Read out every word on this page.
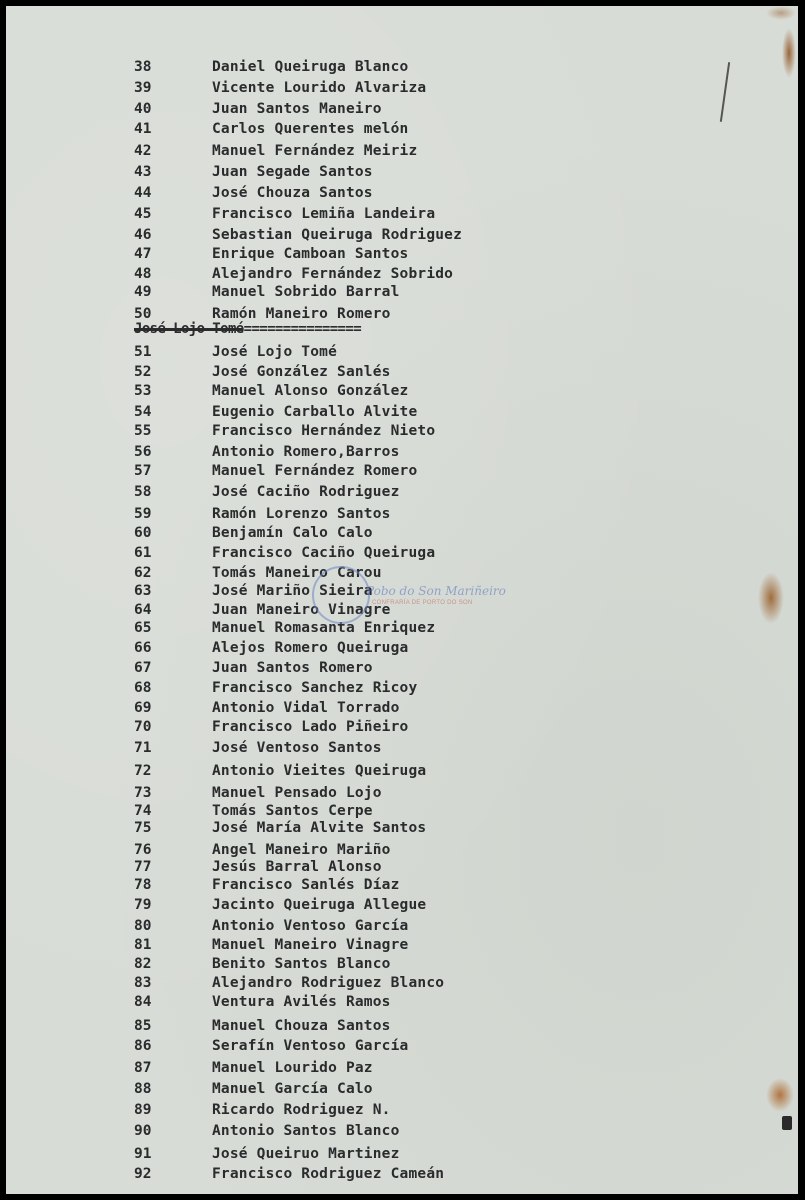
38	Daniel Queiruga Blanco
39	Vicente Lourido Alvariza
40	Juan Santos Maneiro
41	Carlos Querentes melón
42	Manuel Fernández Meiriz
43	Juan Segade Santos
44	José Chouza Santos
45	Francisco Lemiña Landeira
46	Sebastian Queiruga Rodriguez
47	Enrique Camboan Santos
48	Alejandro Fernández Sobrido
49	Manuel Sobrido Barral
50	Ramón Maneiro Romero
51	José Lojo Tomé
52	José González Sanlés
53	Manuel Alonso González
54	Eugenio Carballo Alvite
55	Francisco Hernández Nieto
56	Antonio Romero,Barros
57	Manuel Fernández Romero
58	José Caciño Rodriguez
59	Ramón Lorenzo Santos
60	Benjamín Calo Calo
61	Francisco Caciño Queiruga
62	Tomás Maneiro Carou
63	José Mariño Sieira
64	Juan Maneiro Vinagre
65	Manuel Romasanta Enriquez
66	Alejos Romero Queiruga
67	Juan Santos Romero
68	Francisco Sanchez Ricoy
69	Antonio Vidal Torrado
70	Francisco Lado Piñeiro
71	José Ventoso Santos
72	Antonio Vieites Queiruga
73	Manuel Pensado Lojo
74	Tomás Santos Cerpe
75	José María Alvite Santos
76	Angel Maneiro Mariño
77	Jesús Barral Alonso
78	Francisco Sanlés Díaz
79	Jacinto Queiruga Allegue
80	Antonio Ventoso García
81	Manuel Maneiro Vinagre
82	Benito Santos Blanco
83	Alejandro Rodriguez Blanco
84	Ventura Avilés Ramos
85	Manuel Chouza Santos
86	Serafín Ventoso García
87	Manuel Lourido Paz
88	Manuel García Calo
89	Ricardo Rodriguez N.
90	Antonio Santos Blanco
91	José Queiruo Martinez
92	Francisco Rodriguez Cameán
José Lojo Tomé===============
Pobo do Son Mariñeiro
CONFRARÍA DE PORTO DO SON
